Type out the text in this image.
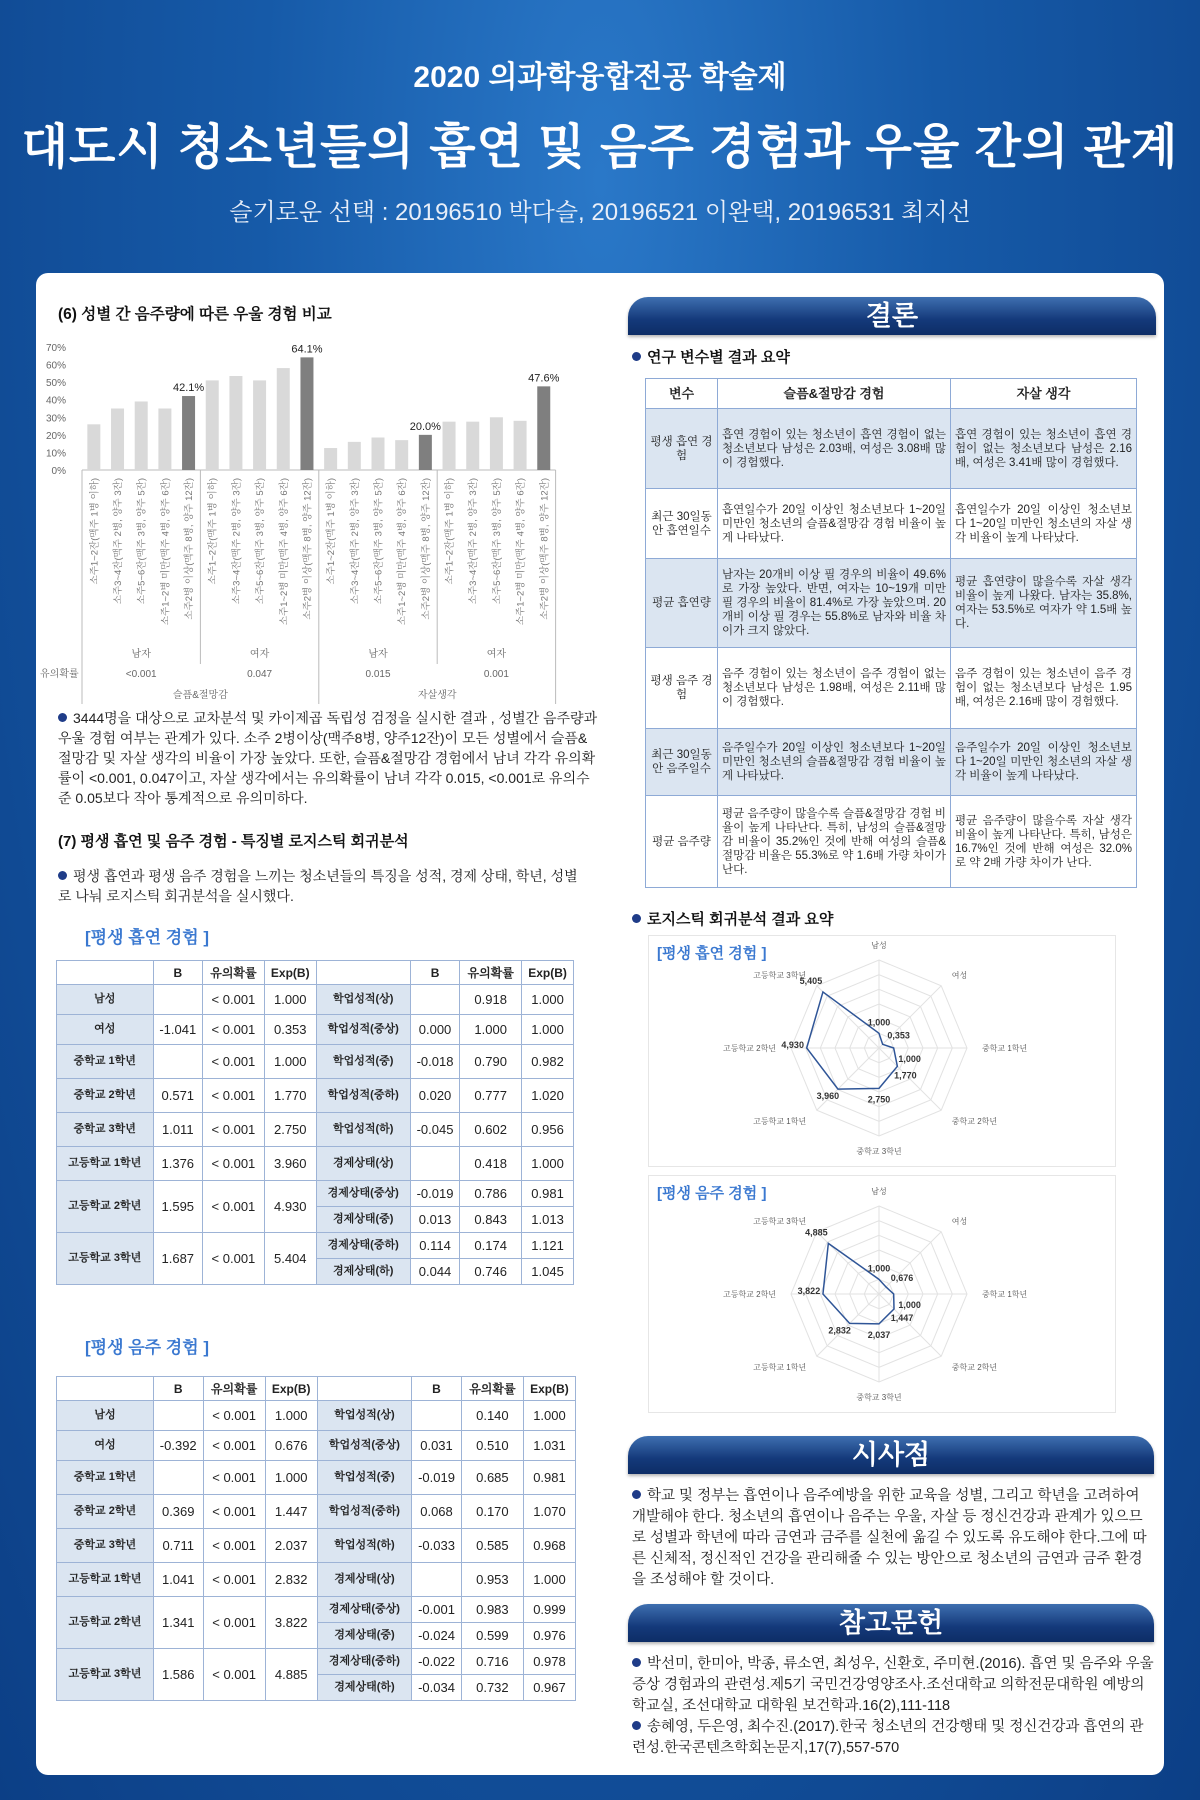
2020 의과학융합전공 학술제
대도시 청소년들의 흡연 및 음주 경험과 우울 간의 관계
슬기로운 선택 : 20196510 박다슬, 20196521 이완택, 20196531 최지선
(6) 성별 간 음주량에 따른 우울 경험 비교
0%
10%
20%
30%
40%
50%
60%
70%
소주1~2잔(맥주 1병 이하) 소주3~4잔(맥주 2병, 양주 3잔) 소주5~6잔(맥주 3병, 양주 5잔) 소주1~2병 미만(맥주 4병, 양주 6잔) 소주2병 이상(맥주 8병, 양주 12잔)
42.1%
남자
<0.001
소주1~2잔(맥주 1병 이하) 소주3~4잔(맥주 2병, 양주 3잔) 소주5~6잔(맥주 3병, 양주 5잔) 소주1~2병 미만(맥주 4병, 양주 6잔) 소주2병 이상(맥주 8병, 양주 12잔)
64.1%
여자
0.047
소주1~2잔(맥주 1병 이하) 소주3~4잔(맥주 2병, 양주 3잔) 소주5~6잔(맥주 3병, 양주 5잔) 소주1~2병 미만(맥주 4병, 양주 6잔) 소주2병 이상(맥주 8병, 양주 12잔)
20.0%
남자
0.015
소주1~2잔(맥주 1병 이하) 소주3~4잔(맥주 2병, 양주 3잔) 소주5~6잔(맥주 3병, 양주 5잔) 소주1~2병 미만(맥주 4병, 양주 6잔) 소주2병 이상(맥주 8병, 양주 12잔)
47.6%
여자
0.001
유의확률
슬픔&절망감	자살생각
3444명을 대상으로 교차분석 및 카이제곱 독립성 검정을 실시한 결과 , 성별간 음주량과 우울 경험 여부는 관계가 있다. 소주 2병이상(맥주8병, 양주12잔)이 모든 성별에서 슬픔&절망감 및 자살 생각의 비율이 가장 높았다. 또한, 슬픔&절망감 경험에서 남녀 각각 유의확률이 <0.001, 0.047이고, 자살 생각에서는 유의확률이 남녀 각각 0.015, <0.001로 유의수준 0.05보다 작아 통계적으로 유의미하다.
(7) 평생 흡연 및 음주 경험 - 특징별 로지스틱 회귀분석
평생 흡연과 평생 음주 경험을 느끼는 청소년들의 특징을 성적, 경제 상태, 학년, 성별로 나눠 로지스틱 회귀분석을 실시했다.
[평생 흡연 경험 ]
	B	유의확률	Exp(B)		B	유의확률	Exp(B)
남성		< 0.001	1.000	학업성적(상)		0.918	1.000
여성	-1.041	< 0.001	0.353	학업성적(중상)	0.000	1.000	1.000
중학교 1학년		< 0.001	1.000	학업성적(중)	-0.018	0.790	0.982
중학교 2학년	0.571	< 0.001	1.770	학업성적(중하)	0.020	0.777	1.020
중학교 3학년	1.011	< 0.001	2.750	학업성적(하)	-0.045	0.602	0.956
고등학교 1학년	1.376	< 0.001	3.960	경제상태(상)		0.418	1.000
고등학교 2학년	1.595	< 0.001	4.930	경제상태(중상)	-0.019	0.786	0.981
				경제상태(중)	0.013	0.843	1.013
고등학교 3학년	1.687	< 0.001	5.404	경제상태(중하)	0.114	0.174	1.121
				경제상태(하)	0.044	0.746	1.045
[평생 음주 경험 ]
	B	유의확률	Exp(B)		B	유의확률	Exp(B)
남성		< 0.001	1.000	학업성적(상)		0.140	1.000
여성	-0.392	< 0.001	0.676	학업성적(중상)	0.031	0.510	1.031
중학교 1학년		< 0.001	1.000	학업성적(중)	-0.019	0.685	0.981
중학교 2학년	0.369	< 0.001	1.447	학업성적(중하)	0.068	0.170	1.070
중학교 3학년	0.711	< 0.001	2.037	학업성적(하)	-0.033	0.585	0.968
고등학교 1학년	1.041	< 0.001	2.832	경제상태(상)		0.953	1.000
고등학교 2학년	1.341	< 0.001	3.822	경제상태(중상)	-0.001	0.983	0.999
				경제상태(중)	-0.024	0.599	0.976
고등학교 3학년	1.586	< 0.001	4.885	경제상태(중하)	-0.022	0.716	0.978
				경제상태(하)	-0.034	0.732	0.967
결론
연구 변수별 결과 요약
변수	슬픔&절망감 경험	자살 생각
평생 흡연 경험	흡연 경험이 있는 청소년이 흡연 경험이 없는 청소년보다 남성은 2.03배, 여성은 3.08배 많이 경험했다.	흡연 경험이 있는 청소년이 흡연 경험이 없는 청소년보다 남성은 2.16배, 여성은 3.41배 많이 경험했다.
최근 30일동안 흡연일수	흡연일수가 20일 이상인 청소년보다 1~20일 미만인 청소년의 슬픔&절망감 경험 비율이 높게 나타났다.	흡연일수가 20일 이상인 청소년보다 1~20일 미만인 청소년의 자살 생각 비율이 높게 나타났다.
평균 흡연량	남자는 20개비 이상 필 경우의 비율이 49.6%로 가장 높았다. 반면, 여자는 10~19개 미만 필 경우의 비율이 81.4%로 가장 높았으며. 20개비 이상 필 경우는 55.8%로 남자와 비율 차이가 크지 않았다.	평균 흡연량이 많을수록 자살 생각 비율이 높게 나왔다. 남자는 35.8%, 여자는 53.5%로 여자가 약 1.5배 높다.
평생 음주 경험	음주 경험이 있는 청소년이 음주 경험이 없는 청소년보다 남성은 1.98배, 여성은 2.11배 많이 경험했다.	음주 경험이 있는 청소년이 음주 경험이 없는 청소년보다 남성은 1.95배, 여성은 2.16배 많이 경험했다.
최근 30일동안 음주일수	음주일수가 20일 이상인 청소년보다 1~20일 미만인 청소년의 슬픔&절망감 경험 비율이 높게 나타났다.	음주일수가 20일 이상인 청소년보다 1~20일 미만인 청소년의 자살 생각 비율이 높게 나타났다.
평균 음주량	평균 음주량이 많을수록 슬픔&절망감 경험 비율이 높게 나타난다. 특히, 남성의 슬픔&절망감 비율이 35.2%인 것에 반해 여성의 슬픔&절망감 비율은 55.3%로 약 1.6배 가량 차이가 난다.	평균 음주량이 많을수록 자살 생각 비율이 높게 나타난다. 특히, 남성은 16.7%인 것에 반해 여성은 32.0%로 약 2배 가량 차이가 난다.
로지스틱 회귀분석 결과 요약
[평생 흡연 경험 ]	남성
여성
중학교 1학년
중학교 2학년
중학교 3학년
고등학교 1학년
고등학교 2학년
고등학교 3학년
1,000
0,353
1,000
1,770
2,750
3,960
4,930
5,405
[평생 음주 경험 ]	남성
여성
중학교 1학년
중학교 2학년
중학교 3학년
고등학교 1학년
고등학교 2학년
고등학교 3학년
1,000
0,676
1,000
1,447
2,037
2,832
3,822
4,885
시사점
학교 및 정부는 흡연이나 음주예방을 위한 교육을 성별, 그리고 학년을 고려하여 개발해야 한다. 청소년의 흡연이나 음주는 우울, 자살 등 정신건강과 관계가 있으므로 성별과 학년에 따라 금연과 금주를 실천에 옮길 수 있도록 유도해야 한다.그에 따른 신체적, 정신적인 건강을 관리해줄 수 있는 방안으로 청소년의 금연과 금주 환경을 조성해야 할 것이다.
참고문헌
박선미, 한미아, 박종, 류소연, 최성우, 신환호, 주미현.(2016). 흡연 및 음주와 우울증상 경험과의 관련성.제5기 국민건강영양조사.조선대학교 의학전문대학원 예방의학교실, 조선대학교 대학원 보건학과.16(2),111-118
송혜영, 두은영, 최수진.(2017).한국 청소년의 건강행태 및 정신건강과 흡연의 관련성.한국콘텐츠학회논문지,17(7),557-570
